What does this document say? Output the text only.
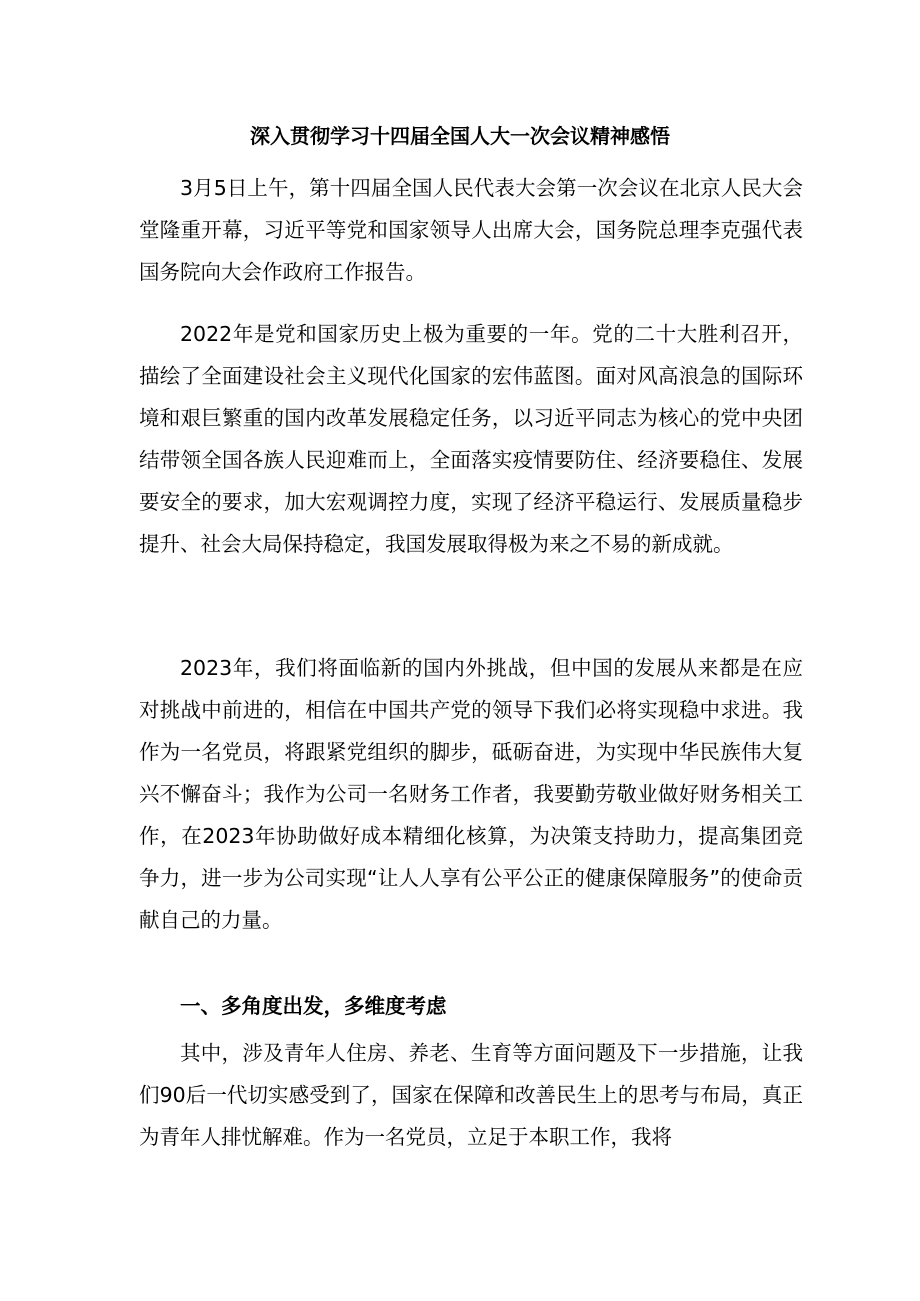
深入贯彻学习十四届全国人大一次会议精神感悟

3月5日上午，第十四届全国人民代表大会第一次会议在北京人民大会堂隆重开幕，习近平等党和国家领导人出席大会，国务院总理李克强代表国务院向大会作政府工作报告。

2022年是党和国家历史上极为重要的一年。党的二十大胜利召开，描绘了全面建设社会主义现代化国家的宏伟蓝图。面对风高浪急的国际环境和艰巨繁重的国内改革发展稳定任务，以习近平同志为核心的党中央团结带领全国各族人民迎难而上，全面落实疫情要防住、经济要稳住、发展要安全的要求，加大宏观调控力度，实现了经济平稳运行、发展质量稳步提升、社会大局保持稳定，我国发展取得极为来之不易的新成就。

2023年，我们将面临新的国内外挑战，但中国的发展从来都是在应对挑战中前进的，相信在中国共产党的领导下我们必将实现稳中求进。我作为一名党员，将跟紧党组织的脚步，砥砺奋进，为实现中华民族伟大复兴不懈奋斗；我作为公司一名财务工作者，我要勤劳敬业做好财务相关工作，在2023年协助做好成本精细化核算，为决策支持助力，提高集团竞争力，进一步为公司实现“让人人享有公平公正的健康保障服务”的使命贡献自己的力量。

一、多角度出发，多维度考虑

其中，涉及青年人住房、养老、生育等方面问题及下一步措施，让我们90后一代切实感受到了，国家在保障和改善民生上的思考与布局，真正为青年人排忧解难。作为一名党员，立足于本职工作，我将
